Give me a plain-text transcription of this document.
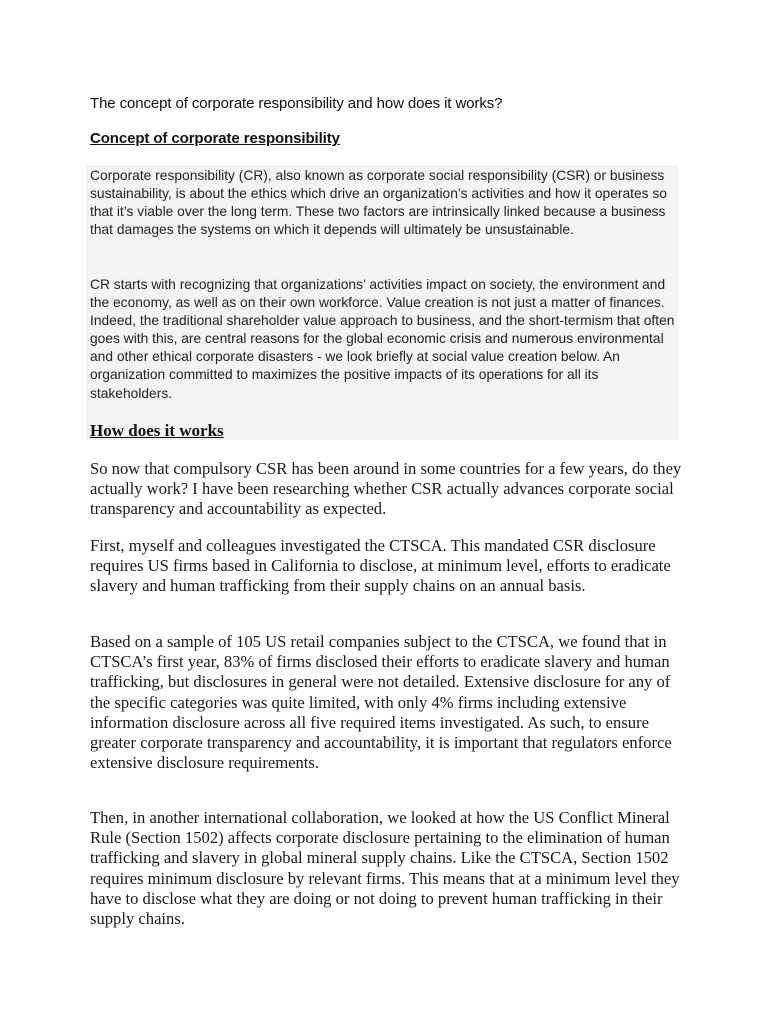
The concept of corporate responsibility and how does it works?
Concept of corporate responsibility

Corporate responsibility (CR), also known as corporate social responsibility (CSR) or business sustainability, is about the ethics which drive an organization’s activities and how it operates so that it’s viable over the long term. These two factors are intrinsically linked because a business that damages the systems on which it depends will ultimately be unsustainable.

CR starts with recognizing that organizations’ activities impact on society, the environment and the economy, as well as on their own workforce. Value creation is not just a matter of finances. Indeed, the traditional shareholder value approach to business, and the short-termism that often goes with this, are central reasons for the global economic crisis and numerous environmental and other ethical corporate disasters - we look briefly at social value creation below. An organization committed to maximizes the positive impacts of its operations for all its stakeholders.

How does it works

So now that compulsory CSR has been around in some countries for a few years, do they actually work? I have been researching whether CSR actually advances corporate social transparency and accountability as expected.

First, myself and colleagues investigated the CTSCA. This mandated CSR disclosure requires US firms based in California to disclose, at minimum level, efforts to eradicate slavery and human trafficking from their supply chains on an annual basis.

Based on a sample of 105 US retail companies subject to the CTSCA, we found that in CTSCA’s first year, 83% of firms disclosed their efforts to eradicate slavery and human trafficking, but disclosures in general were not detailed. Extensive disclosure for any of the specific categories was quite limited, with only 4% firms including extensive information disclosure across all five required items investigated. As such, to ensure greater corporate transparency and accountability, it is important that regulators enforce extensive disclosure requirements.

Then, in another international collaboration, we looked at how the US Conflict Mineral Rule (Section 1502) affects corporate disclosure pertaining to the elimination of human trafficking and slavery in global mineral supply chains. Like the CTSCA, Section 1502 requires minimum disclosure by relevant firms. This means that at a minimum level they have to disclose what they are doing or not doing to prevent human trafficking in their supply chains.
